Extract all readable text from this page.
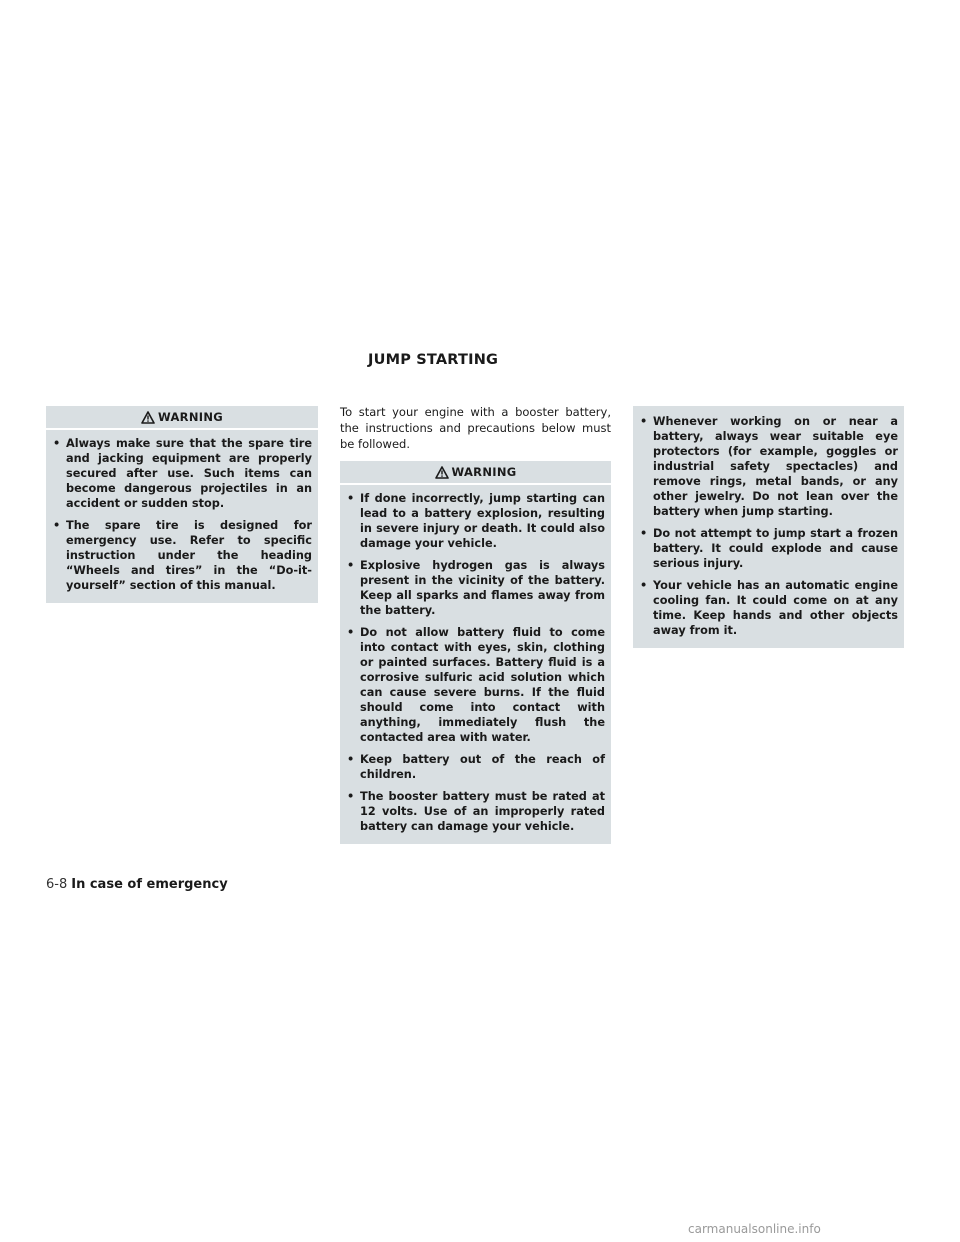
JUMP STARTING
WARNING
• Always make sure that the spare tire and jacking equipment are properly secured after use. Such items can become dangerous projectiles in an accident or sudden stop.
• The spare tire is designed for emergency use. Refer to specific instruction under the heading “Wheels and tires” in the “Do-it-yourself” section of this manual.

To start your engine with a booster battery, the instructions and precautions below must be followed.

WARNING
• If done incorrectly, jump starting can lead to a battery explosion, resulting in severe injury or death. It could also damage your vehicle.
• Explosive hydrogen gas is always present in the vicinity of the battery. Keep all sparks and flames away from the battery.
• Do not allow battery fluid to come into contact with eyes, skin, clothing or painted surfaces. Battery fluid is a corrosive sulfuric acid solution which can cause severe burns. If the fluid should come into contact with anything, immediately flush the contacted area with water.
• Keep battery out of the reach of children.
• The booster battery must be rated at 12 volts. Use of an improperly rated battery can damage your vehicle.
• Whenever working on or near a battery, always wear suitable eye protectors (for example, goggles or industrial safety spectacles) and remove rings, metal bands, or any other jewelry. Do not lean over the battery when jump starting.
• Do not attempt to jump start a frozen battery. It could explode and cause serious injury.
• Your vehicle has an automatic engine cooling fan. It could come on at any time. Keep hands and other objects away from it.
6-8 In case of emergency
carmanualsonline.info
